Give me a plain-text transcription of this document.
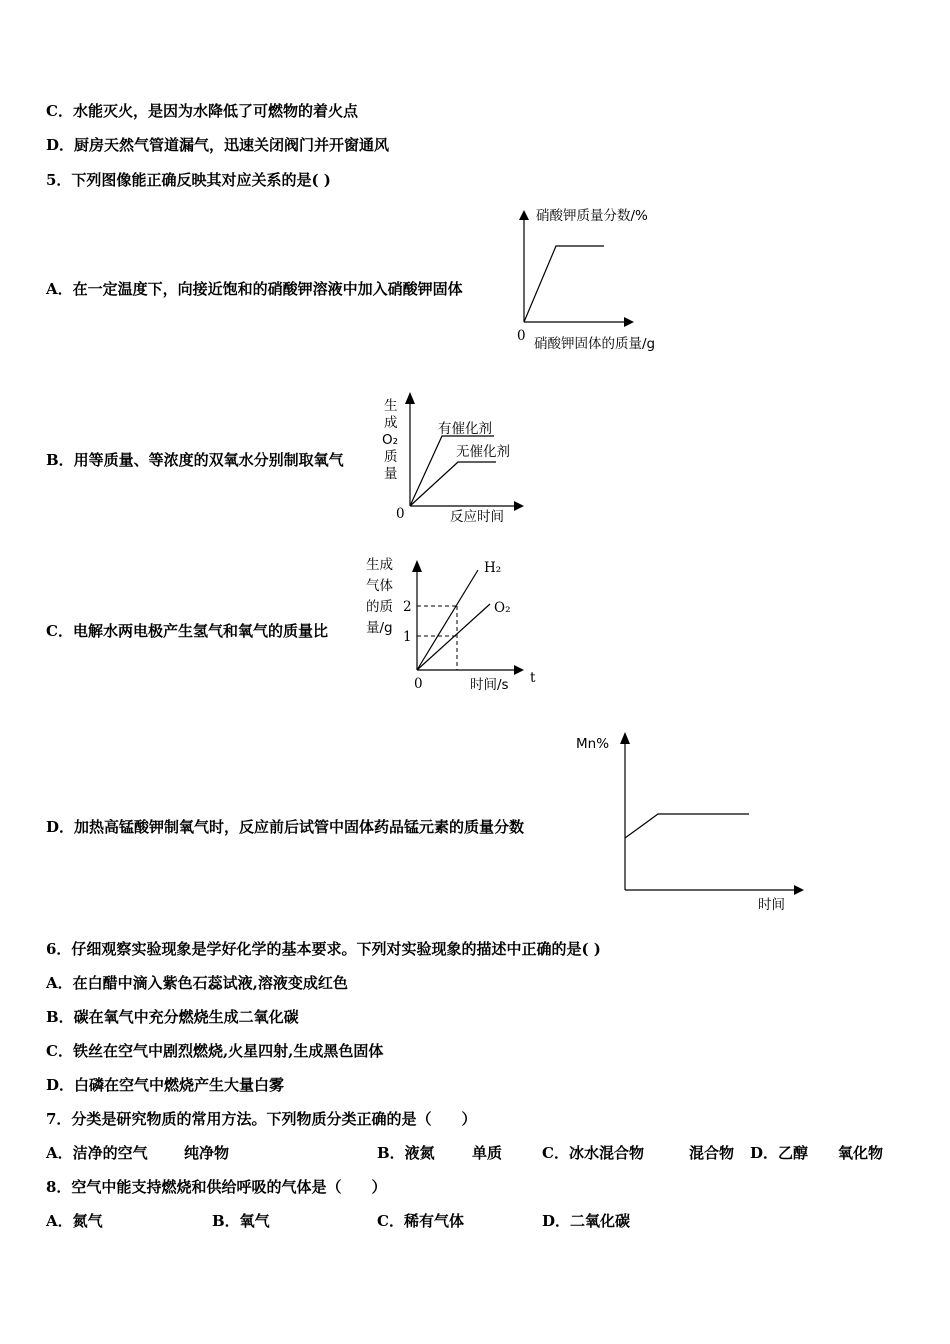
C．水能灭火，是因为水降低了可燃物的着火点
D．厨房天然气管道漏气，迅速关闭阀门并开窗通风
5．下列图像能正确反映其对应关系的是( )
A．在一定温度下，向接近饱和的硝酸钾溶液中加入硝酸钾固体
硝酸钾质量分数/%
0 硝酸钾固体的质量/g
B．用等质量、等浓度的双氧水分别制取氧气
生
成
O₂
质
量
有催化剂
无催化剂
0	反应时间
C．电解水两电极产生氢气和氧气的质量比
生成
气体
的质
量/g
2
1
H₂
O₂
0	时间/s t
D．加热高锰酸钾制氧气时，反应前后试管中固体药品锰元素的质量分数
Mn%
时间
6．仔细观察实验现象是学好化学的基本要求。下列对实验现象的描述中正确的是( )
A．在白醋中滴入紫色石蕊试液,溶液变成红色
B．碳在氧气中充分燃烧生成二氧化碳
C．铁丝在空气中剧烈燃烧,火星四射,生成黑色固体
D．白磷在空气中燃烧产生大量白雾
7．分类是研究物质的常用方法。下列物质分类正确的是（　　）
A．洁净的空气 纯净物	B．液氮 单质	C．冰水混合物	混合物 D．乙醇 氧化物
8．空气中能支持燃烧和供给呼吸的气体是（　　）
A．氮气	B．氧气	C．稀有气体	D．二氧化碳
